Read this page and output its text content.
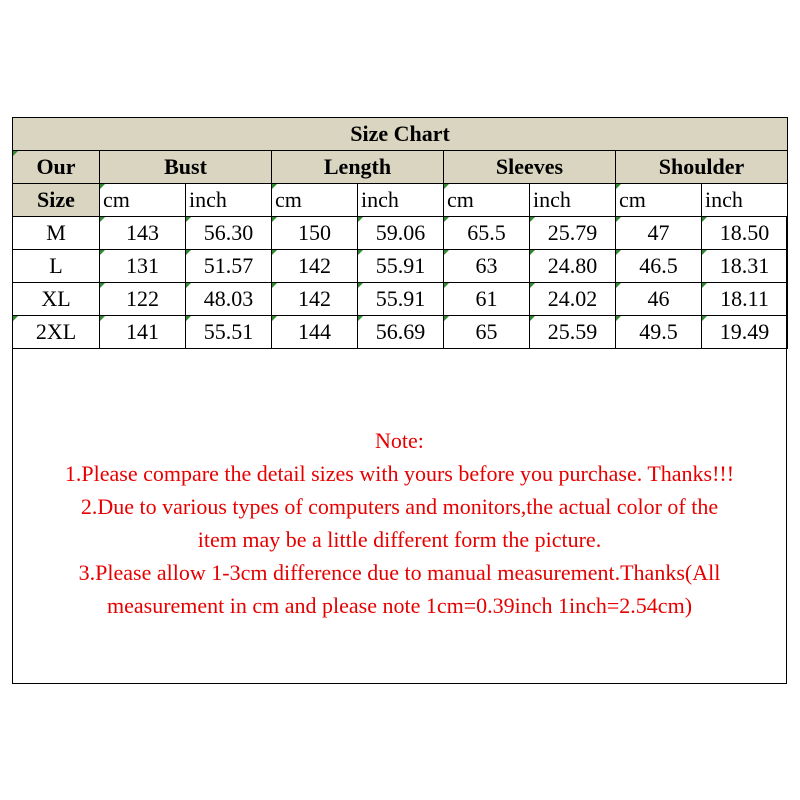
Size Chart								
Our	Bust		Length		Sleeves		Shoulder	
Size	cm	inch	cm	inch	cm	inch	cm	inch
M	143	56.30	150	59.06	65.5	25.79	47	18.50
L	131	51.57	142	55.91	63	24.80	46.5	18.31
XL	122	48.03	142	55.91	61	24.02	46	18.11
2XL	141	55.51	144	56.69	65	25.59	49.5	19.49
Note:
1.Please compare the detail sizes with yours before you purchase. Thanks!!!
2.Due to various types of computers and monitors,the actual color of the
item may be a little different form the picture.
3.Please allow 1-3cm difference due to manual measurement.Thanks(All
measurement in cm and please note 1cm=0.39inch 1inch=2.54cm)
